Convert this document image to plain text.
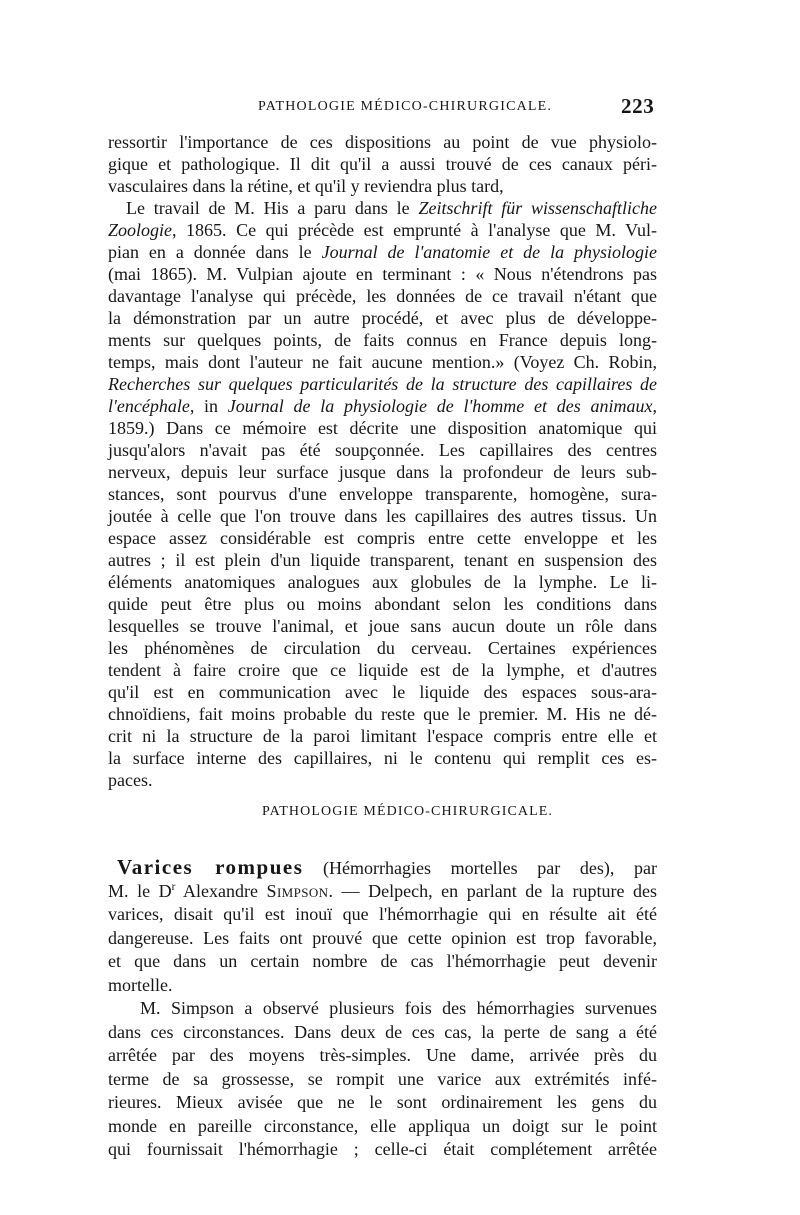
PATHOLOGIE MÉDICO-CHIRURGICALE.	223
ressortir l'importance de ces dispositions au point de vue physiolo-
gique et pathologique. Il dit qu'il a aussi trouvé de ces canaux péri-
vasculaires dans la rétine, et qu'il y reviendra plus tard,
Le travail de M. His a paru dans le Zeitschrift für wissenschaftliche
Zoologie, 1865. Ce qui précède est emprunté à l'analyse que M. Vul-
pian en a donnée dans le Journal de l'anatomie et de la physiologie
(mai 1865). M. Vulpian ajoute en terminant : « Nous n'étendrons pas
davantage l'analyse qui précède, les données de ce travail n'étant que
la démonstration par un autre procédé, et avec plus de développe-
ments sur quelques points, de faits connus en France depuis long-
temps, mais dont l'auteur ne fait aucune mention.» (Voyez Ch. Robin,
Recherches sur quelques particularités de la structure des capillaires de
l'encéphale, in Journal de la physiologie de l'homme et des animaux,
1859.) Dans ce mémoire est décrite une disposition anatomique qui
jusqu'alors n'avait pas été soupçonnée. Les capillaires des centres
nerveux, depuis leur surface jusque dans la profondeur de leurs sub-
stances, sont pourvus d'une enveloppe transparente, homogène, sura-
joutée à celle que l'on trouve dans les capillaires des autres tissus. Un
espace assez considérable est compris entre cette enveloppe et les
autres ; il est plein d'un liquide transparent, tenant en suspension des
éléments anatomiques analogues aux globules de la lymphe. Le li-
quide peut être plus ou moins abondant selon les conditions dans
lesquelles se trouve l'animal, et joue sans aucun doute un rôle dans
les phénomènes de circulation du cerveau. Certaines expériences
tendent à faire croire que ce liquide est de la lymphe, et d'autres
qu'il est en communication avec le liquide des espaces sous-ara-
chnoïdiens, fait moins probable du reste que le premier. M. His ne dé-
crit ni la structure de la paroi limitant l'espace compris entre elle et
la surface interne des capillaires, ni le contenu qui remplit ces es-
paces.
PATHOLOGIE MÉDICO-CHIRURGICALE.
Varices rompues (Hémorrhagies mortelles par des), par
M. le $D^r$ Alexandre Simpson. — Delpech, en parlant de la rupture des
varices, disait qu'il est inouï que l'hémorrhagie qui en résulte ait été
dangereuse. Les faits ont prouvé que cette opinion est trop favorable,
et que dans un certain nombre de cas l'hémorrhagie peut devenir
mortelle.
M. Simpson a observé plusieurs fois des hémorrhagies survenues
dans ces circonstances. Dans deux de ces cas, la perte de sang a été
arrêtée par des moyens très-simples. Une dame, arrivée près du
terme de sa grossesse, se rompit une varice aux extrémités infé-
rieures. Mieux avisée que ne le sont ordinairement les gens du
monde en pareille circonstance, elle appliqua un doigt sur le point
qui fournissait l'hémorrhagie ; celle-ci était complétement arrêtée
